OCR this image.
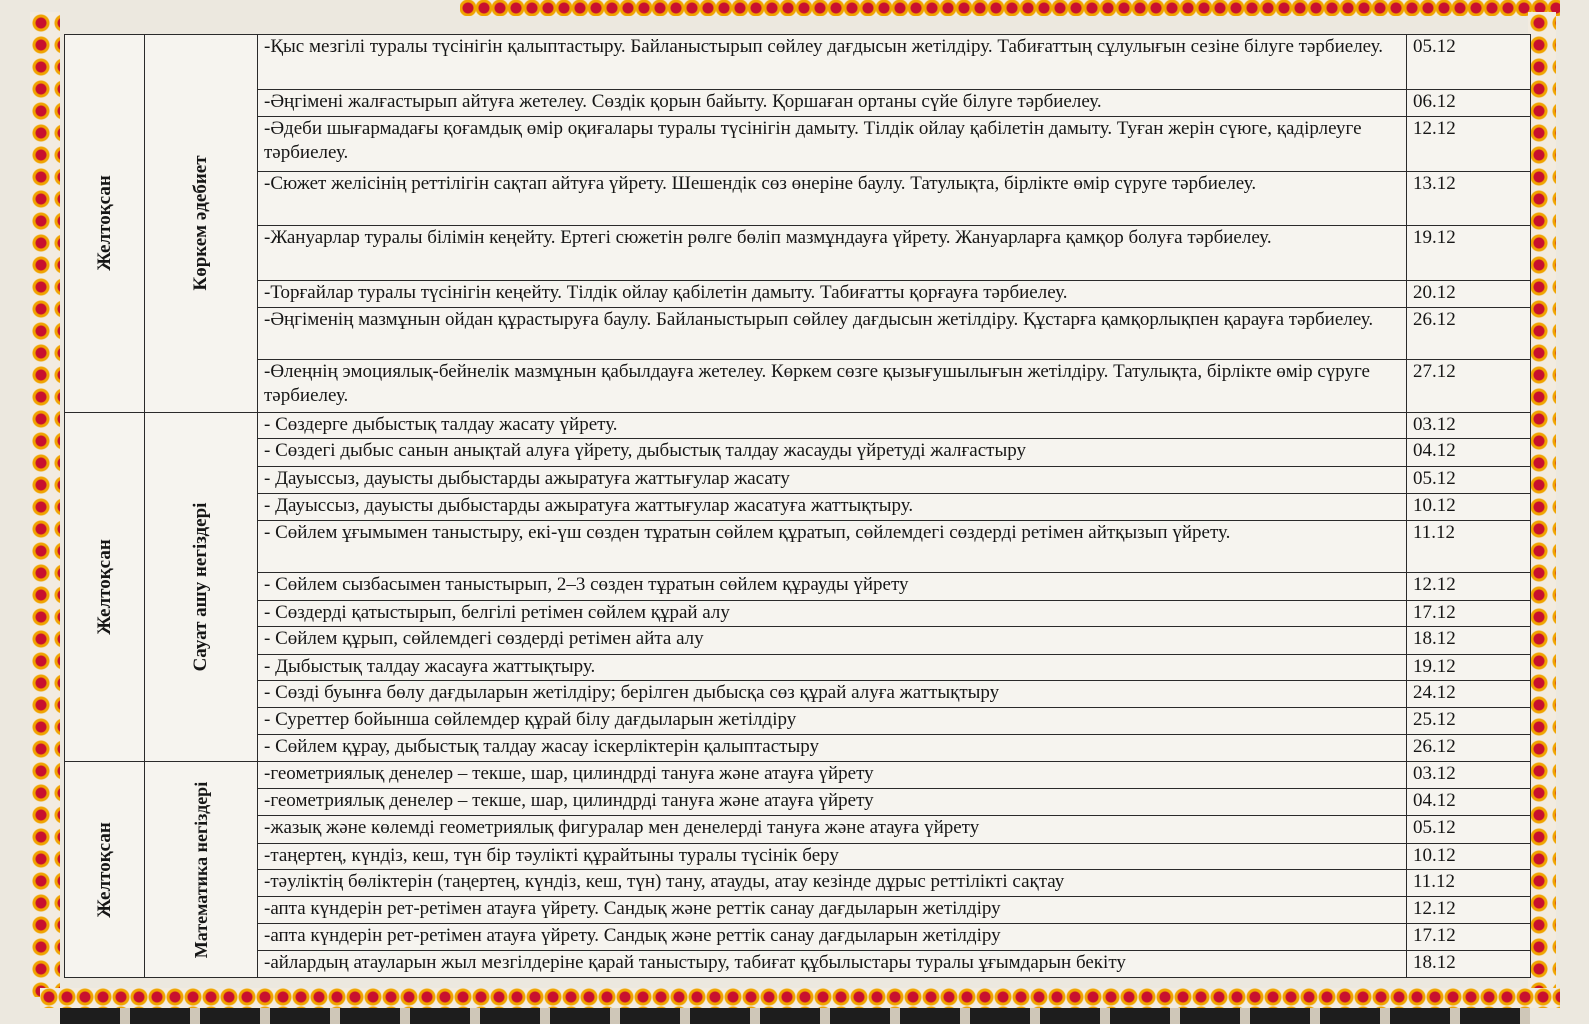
Желтоқсан	Көркем әдебиет	-Қыс мезгілі туралы түсінігін қалыптастыру. Байланыстырып сөйлеу дағдысын жетілдіру. Табиғаттың сұлулығын сезіне білуге тәрбиелеу.	05.12
		-Әңгімені жалғастырып айтуға жетелеу. Сөздік қорын байыту. Қоршаған ортаны сүйе білуге тәрбиелеу.	06.12
		-Әдеби шығармадағы қоғамдық өмір оқиғалары туралы түсінігін дамыту. Тілдік ойлау қабілетін дамыту. Туған жерін сүюге, қадірлеуге тәрбиелеу.	12.12
		-Сюжет желісінің реттілігін сақтап айтуға үйрету. Шешендік сөз өнеріне баулу. Татулықта, бірлікте өмір сүруге тәрбиелеу.	13.12
		-Жануарлар туралы білімін кеңейту. Ертегі сюжетін рөлге бөліп мазмұндауға үйрету. Жануарларға қамқор болуға тәрбиелеу.	19.12
		-Торғайлар туралы түсінігін кеңейту. Тілдік ойлау қабілетін дамыту. Табиғатты қорғауға тәрбиелеу.	20.12
		-Әңгіменің мазмұнын ойдан құрастыруға баулу. Байланыстырып сөйлеу дағдысын жетілдіру. Құстарға қамқорлықпен қарауға тәрбиелеу.	26.12
		-Өлеңнің эмоциялық-бейнелік мазмұнын қабылдауға жетелеу. Көркем сөзге қызығушылығын жетілдіру. Татулықта, бірлікте өмір сүруге тәрбиелеу.	27.12

Желтоқсан	Сауат ашу негіздері	- Сөздерге дыбыстық талдау жасату үйрету.	03.12
		- Сөздегі дыбыс санын анықтай алуға үйрету, дыбыстық талдау жасауды үйретуді жалғастыру	04.12
		- Дауыссыз, дауысты дыбыстарды ажыратуға жаттығулар жасату	05.12
		- Дауыссыз, дауысты дыбыстарды ажыратуға жаттығулар жасатуға жаттықтыру.	10.12
		- Сөйлем ұғымымен таныстыру, екі-үш сөзден тұратын сөйлем құратып, сөйлемдегі сөздерді ретімен айтқызып үйрету.	11.12
		- Сөйлем сызбасымен таныстырып, 2–3 сөзден тұратын сөйлем құрауды үйрету	12.12
		- Сөздерді қатыстырып, белгілі ретімен сөйлем құрай алу	17.12
		- Сөйлем құрып, сөйлемдегі сөздерді ретімен айта алу	18.12
		- Дыбыстық талдау жасауға жаттықтыру.	19.12
		- Сөзді буынға бөлу дағдыларын жетілдіру; берілген дыбысқа сөз құрай алуға жаттықтыру	24.12
		- Суреттер бойынша сөйлемдер құрай білу дағдыларын жетілдіру	25.12
		- Сөйлем құрау, дыбыстық талдау жасау іскерліктерін қалыптастыру	26.12

Желтоқсан	Математика негіздері	-геометриялық денелер – текше, шар, цилиндрді тануға және атауға үйрету	03.12
		-геометриялық денелер – текше, шар, цилиндрді тануға және атауға үйрету	04.12
		-жазық және көлемді геометриялық фигуралар мен денелерді тануға және атауға үйрету	05.12
		-таңертең, күндіз, кеш, түн бір тәулікті құрайтыны туралы түсінік беру	10.12
		-тәуліктің бөліктерін (таңертең, күндіз, кеш, түн) тану, атауды, атау кезінде дұрыс реттілікті сақтау	11.12
		-апта күндерін рет-ретімен атауға үйрету. Сандық және реттік санау дағдыларын жетілдіру	12.12
		-апта күндерін рет-ретімен атауға үйрету. Сандық және реттік санау дағдыларын жетілдіру	17.12
		-айлардың атауларын жыл мезгілдеріне қарай таныстыру, табиғат құбылыстары туралы ұғымдарын бекіту	18.12
